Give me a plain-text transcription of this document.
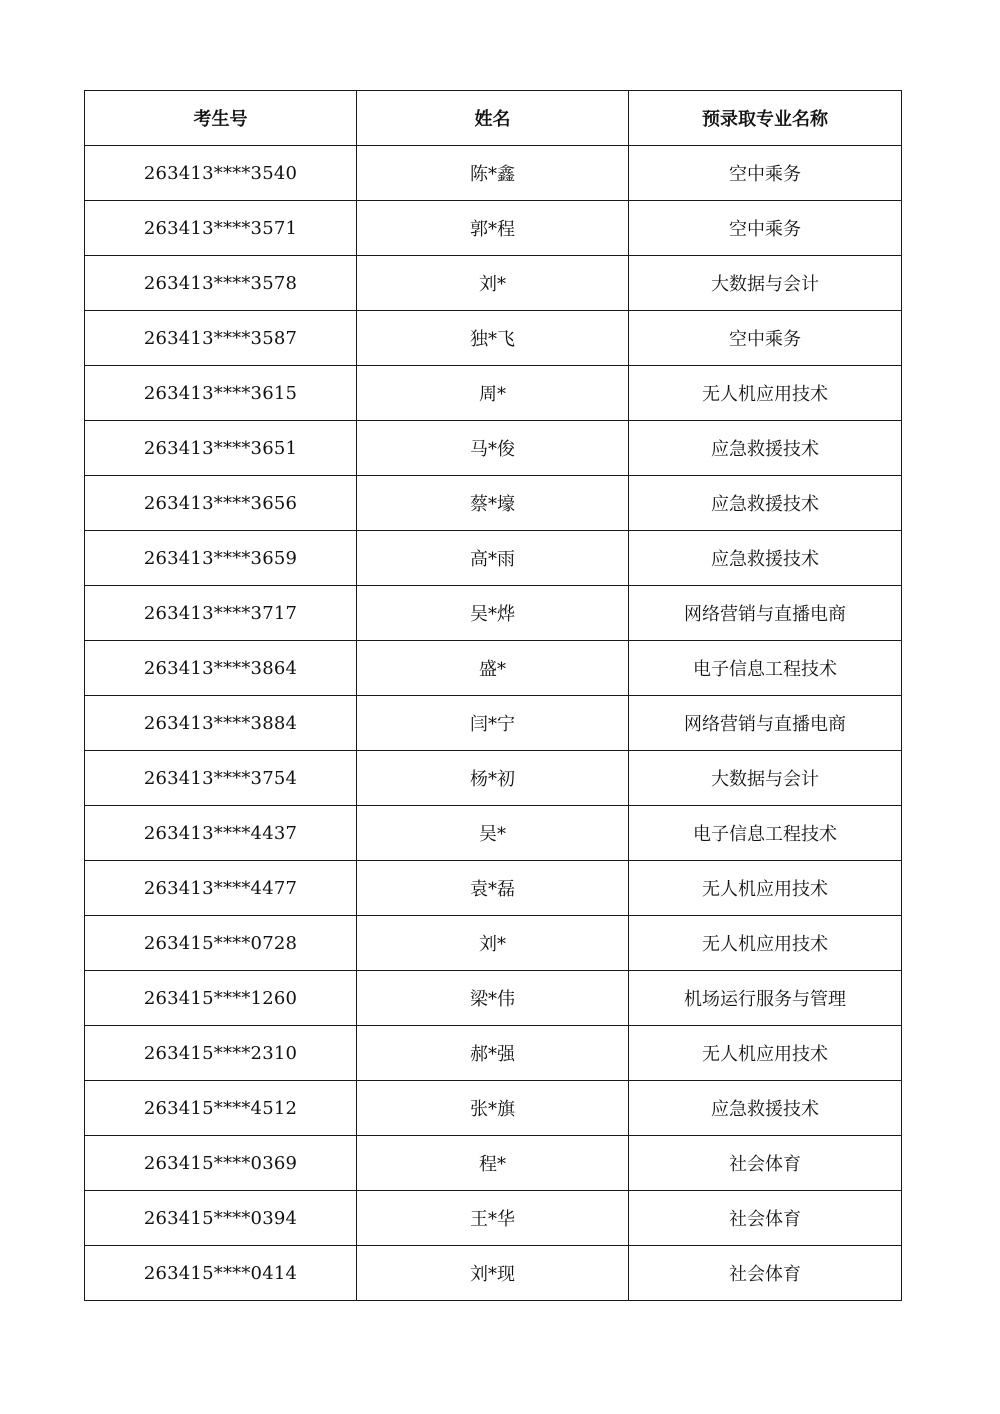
考生号	姓名	预录取专业名称
263413****3540	陈*鑫	空中乘务
263413****3571	郭*程	空中乘务
263413****3578	刘*	大数据与会计
263413****3587	独*飞	空中乘务
263413****3615	周*	无人机应用技术
263413****3651	马*俊	应急救援技术
263413****3656	蔡*壕	应急救援技术
263413****3659	高*雨	应急救援技术
263413****3717	吴*烨	网络营销与直播电商
263413****3864	盛*	电子信息工程技术
263413****3884	闫*宁	网络营销与直播电商
263413****3754	杨*初	大数据与会计
263413****4437	吴*	电子信息工程技术
263413****4477	袁*磊	无人机应用技术
263415****0728	刘*	无人机应用技术
263415****1260	梁*伟	机场运行服务与管理
263415****2310	郝*强	无人机应用技术
263415****4512	张*旗	应急救援技术
263415****0369	程*	社会体育
263415****0394	王*华	社会体育
263415****0414	刘*现	社会体育
